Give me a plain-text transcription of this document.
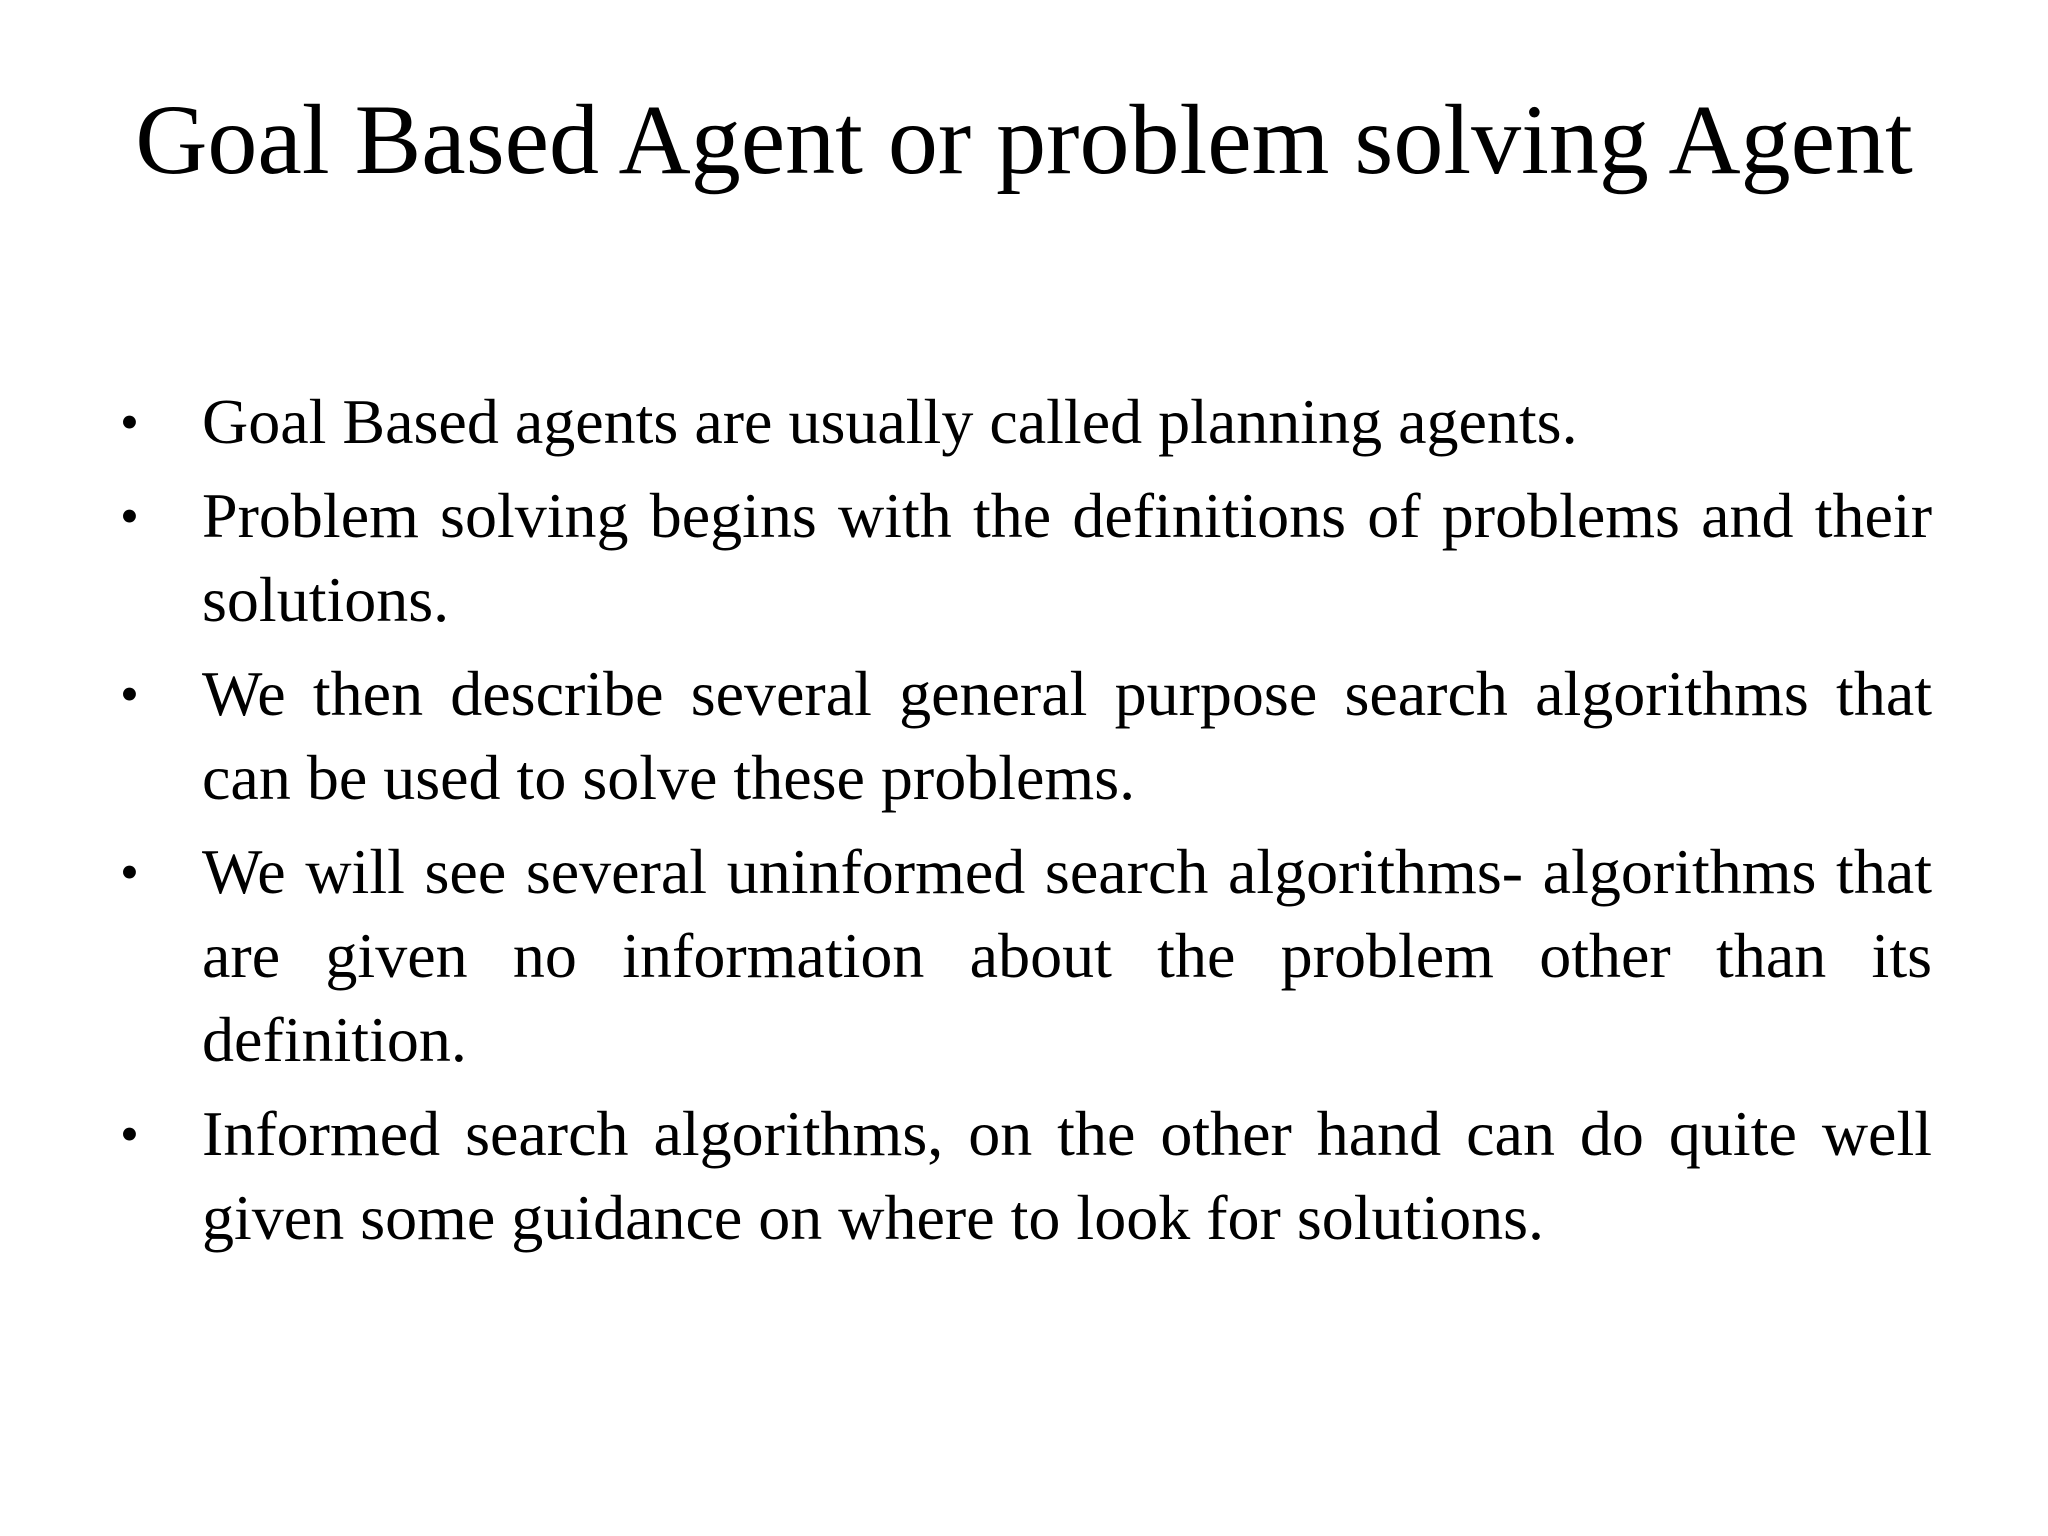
Goal Based Agent or problem solving Agent
• Goal Based agents are usually called planning agents.
• Problem solving begins with the definitions of problems and their solutions.
• We then describe several general purpose search algorithms that can be used to solve these problems.
• We will see several uninformed search algorithms- algorithms that are given no information about the problem other than its definition.
• Informed search algorithms, on the other hand can do quite well given some guidance on where to look for solutions.
